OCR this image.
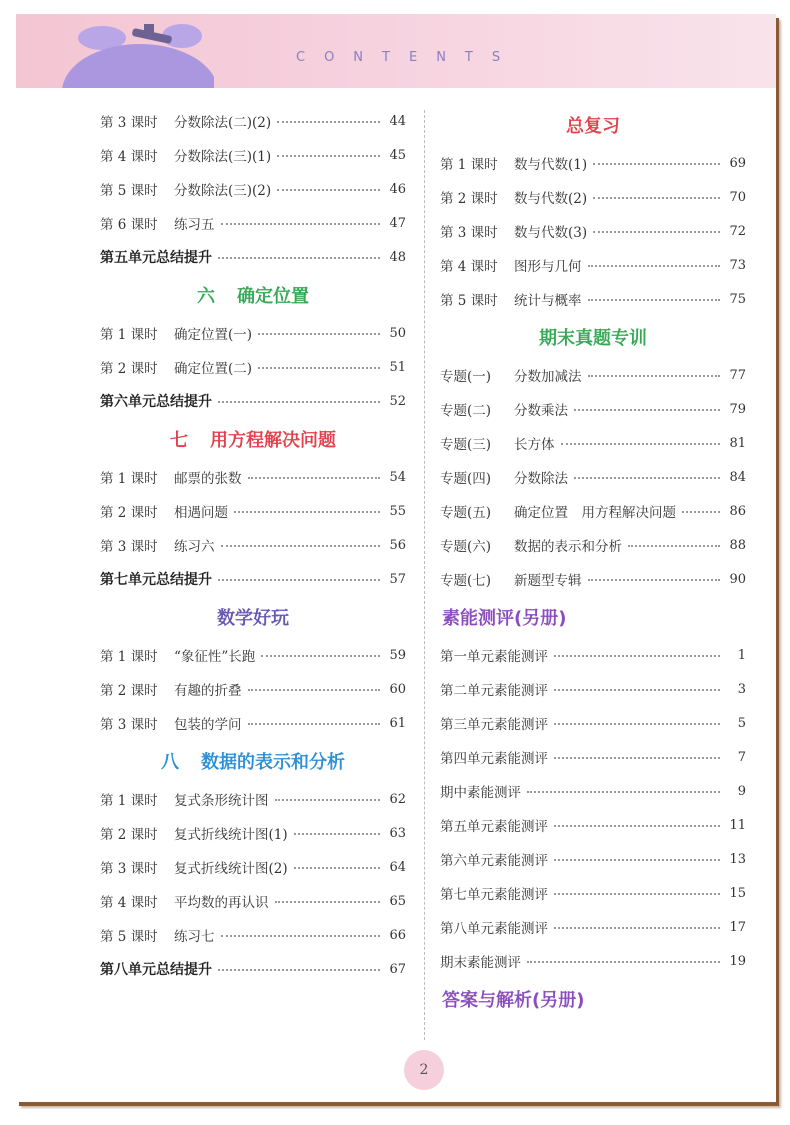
CONTENTS
第 3 课时 分数除法(二)(2)	44
第 4 课时 分数除法(三)(1)	45
第 5 课时 分数除法(三)(2)	46
第 6 课时 练习五	47
第五单元总结提升	48
六 确定位置
第 1 课时 确定位置(一)	50
第 2 课时 确定位置(二)	51
第六单元总结提升	52
七 用方程解决问题
第 1 课时 邮票的张数	54
第 2 课时 相遇问题	55
第 3 课时 练习六	56
第七单元总结提升	57
数学好玩
第 1 课时 “象征性”长跑	59
第 2 课时 有趣的折叠	60
第 3 课时 包装的学问	61
八 数据的表示和分析
第 1 课时 复式条形统计图	62
第 2 课时 复式折线统计图(1)	63
第 3 课时 复式折线统计图(2)	64
第 4 课时 平均数的再认识	65
第 5 课时 练习七	66
第八单元总结提升	67
总复习
第 1 课时 数与代数(1)	69
第 2 课时 数与代数(2)	70
第 3 课时 数与代数(3)	72
第 4 课时 图形与几何	73
第 5 课时 统计与概率	75
期末真题专训
专题(一)	分数加减法	77
专题(二)	分数乘法	79
专题(三)	长方体	81
专题(四)	分数除法	84
专题(五)	确定位置　用方程解决问题	86
专题(六)	数据的表示和分析	88
专题(七)	新题型专辑	90
素能测评(另册)
第一单元素能测评	1
第二单元素能测评	3
第三单元素能测评	5
第四单元素能测评	7
期中素能测评	9
第五单元素能测评	11
第六单元素能测评	13
第七单元素能测评	15
第八单元素能测评	17
期末素能测评	19
答案与解析(另册)
2
